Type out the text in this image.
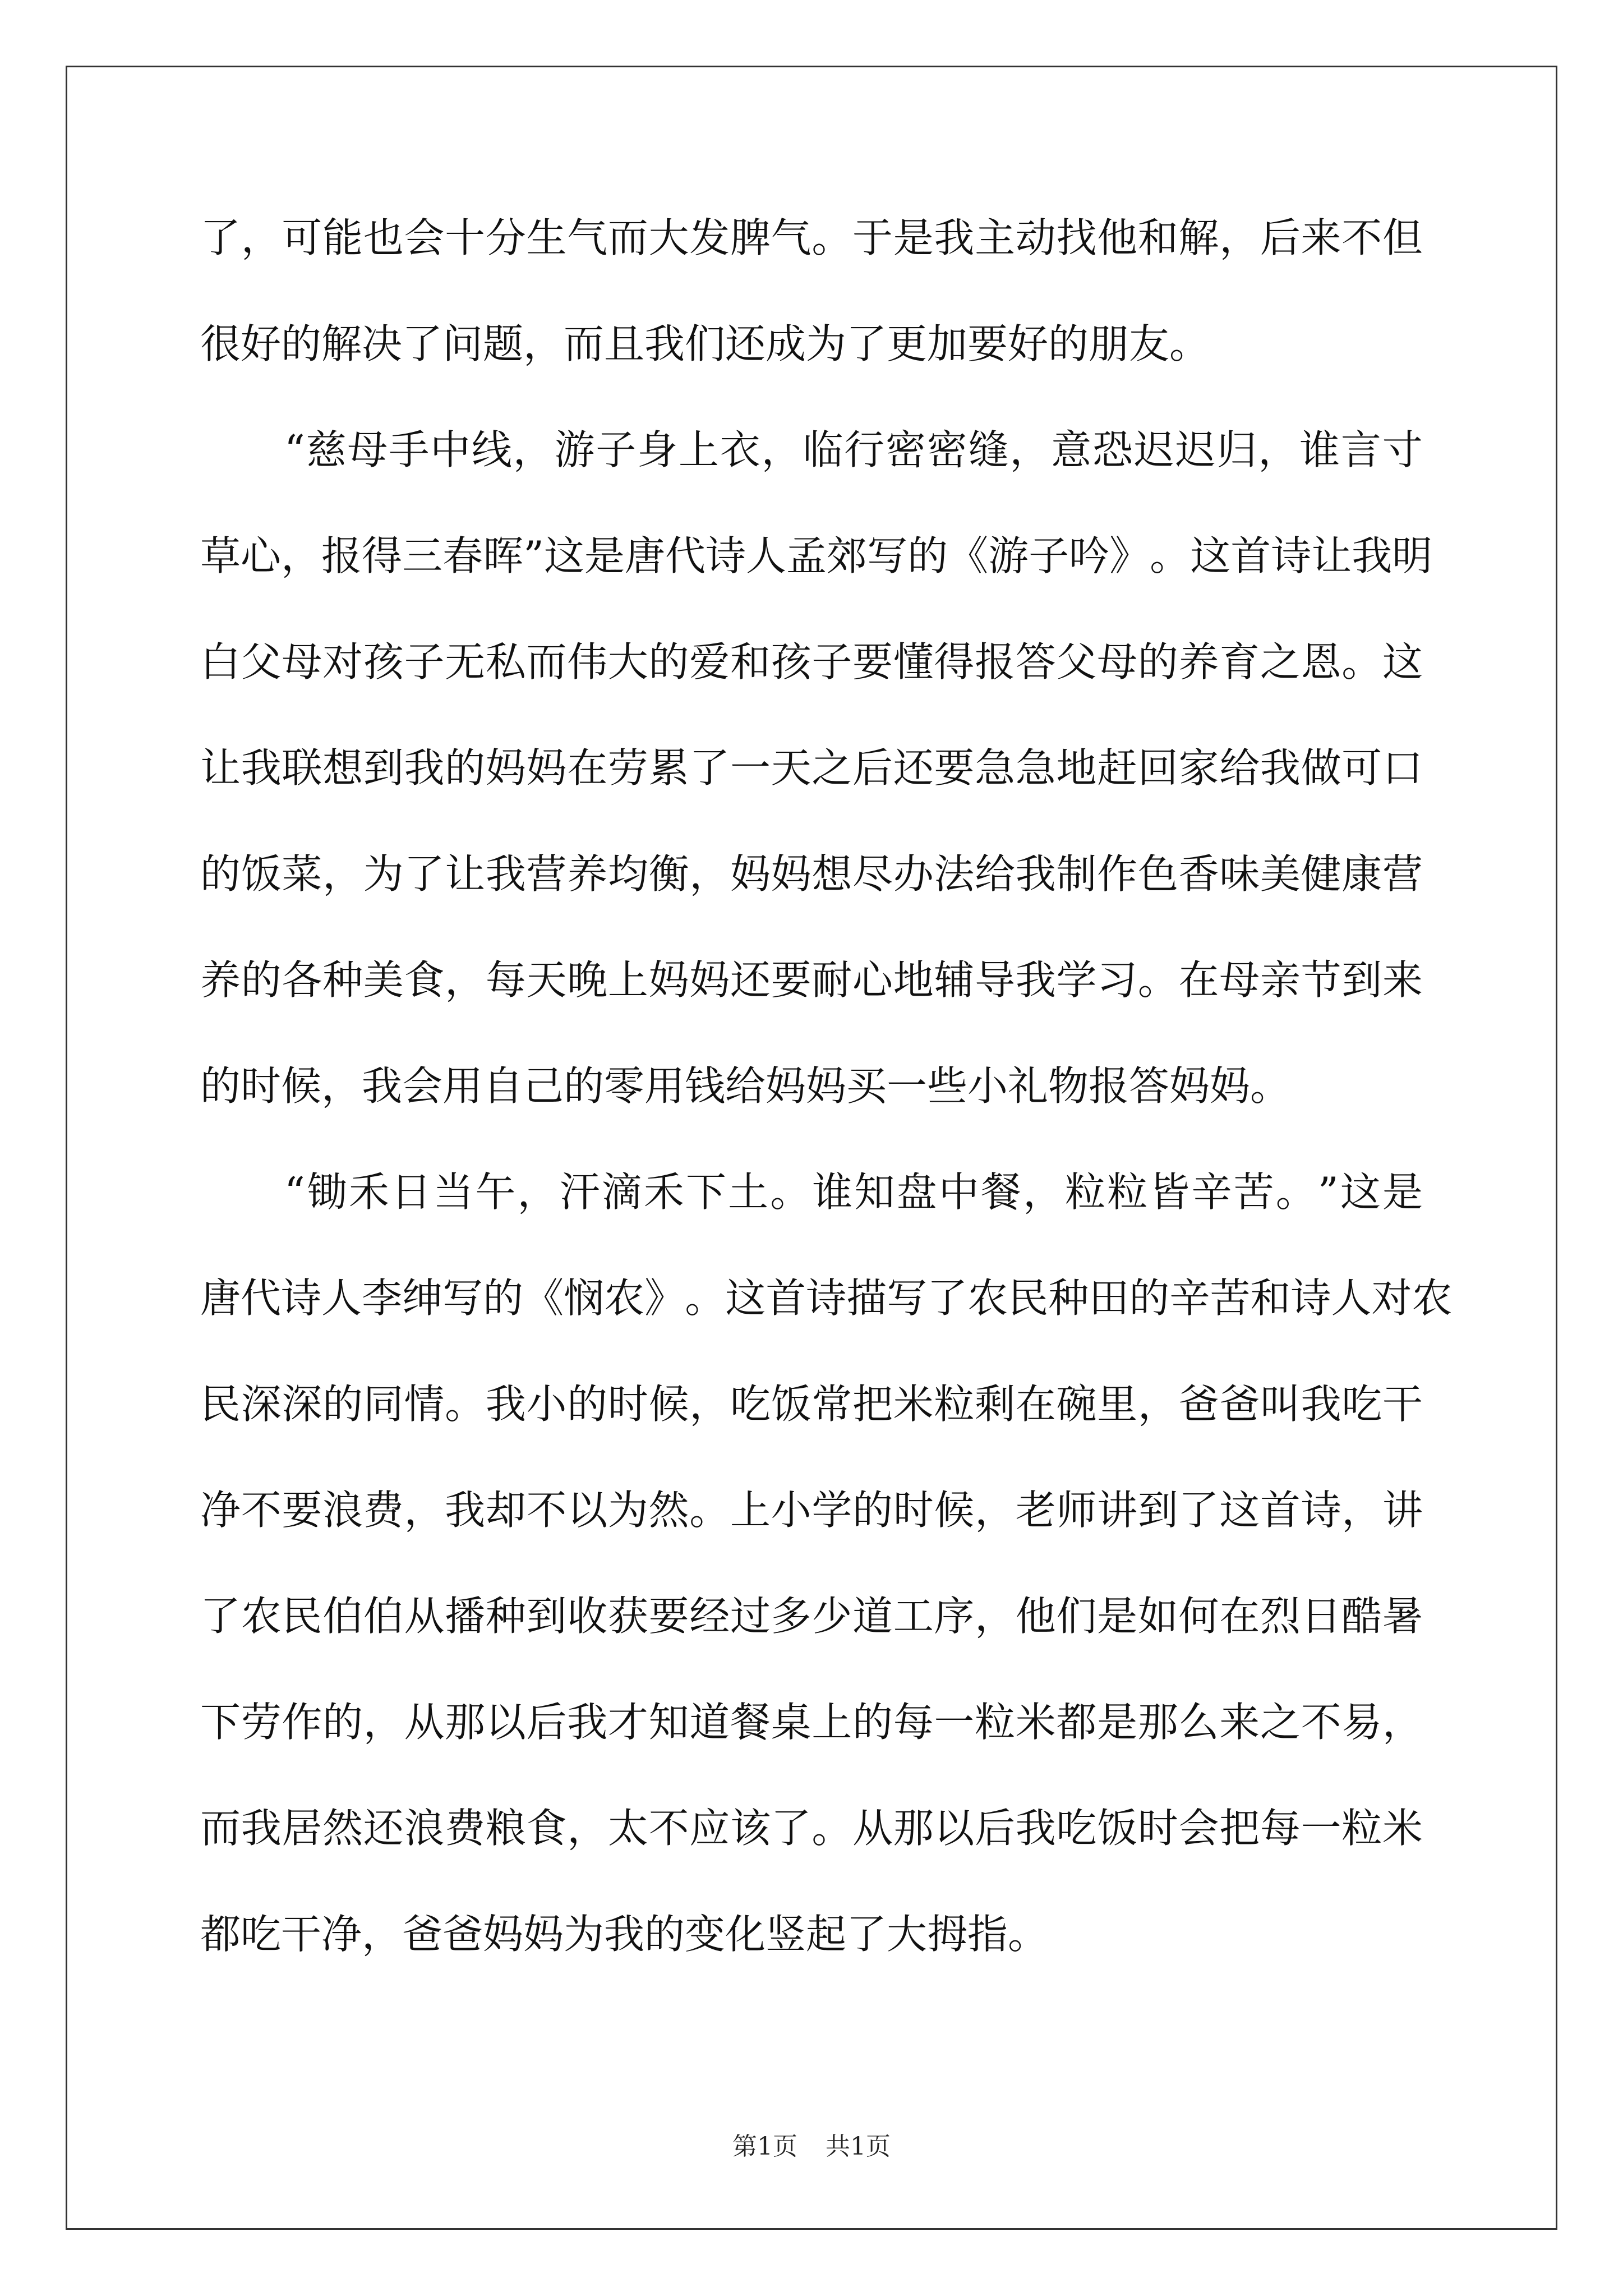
了 ， 可 能 也 会 十 分 生 气 而 大 发 脾 气 。 于 是 我 主 动 找 他 和 解 ， 后 来 不 但
很好的解决了问题，而且我们还成为了更加要好的朋友。
“ 慈 母 手 中 线 ， 游 子 身 上 衣 ， 临 行 密 密 缝 ， 意 恐 迟 迟 归 ， 谁 言 寸
草 心 ， 报 得 三 春 晖 ” 这 是 唐 代 诗 人 孟 郊 写 的 《 游 子 吟 》 。 这 首 诗 让 我 明
白 父 母 对 孩 子 无 私 而 伟 大 的 爱 和 孩 子 要 懂 得 报 答 父 母 的 养 育 之 恩 。 这
让 我 联 想 到 我 的 妈 妈 在 劳 累 了 一 天 之 后 还 要 急 急 地 赶 回 家 给 我 做 可 口
的 饭 菜 ， 为 了 让 我 营 养 均 衡 ， 妈 妈 想 尽 办 法 给 我 制 作 色 香 味 美 健 康 营
养 的 各 种 美 食 ， 每 天 晚 上 妈 妈 还 要 耐 心 地 辅 导 我 学 习 。 在 母 亲 节 到 来
的时候，我会用自己的零用钱给妈妈买一些小礼物报答妈妈。
“ 锄 禾 日 当 午 ， 汗 滴 禾 下 土 。 谁 知 盘 中 餐 ， 粒 粒 皆 辛 苦 。 ” 这 是
唐 代 诗 人 李 绅 写 的 《 悯 农 》 。 这 首 诗 描 写 了 农 民 种 田 的 辛 苦 和 诗 人 对 农
民 深 深 的 同 情 。 我 小 的 时 候 ， 吃 饭 常 把 米 粒 剩 在 碗 里 ， 爸 爸 叫 我 吃 干
净 不 要 浪 费 ， 我 却 不 以 为 然 。 上 小 学 的 时 候 ， 老 师 讲 到 了 这 首 诗 ， 讲
了 农 民 伯 伯 从 播 种 到 收 获 要 经 过 多 少 道 工 序 ， 他 们 是 如 何 在 烈 日 酷 暑
下 劳 作 的 ， 从 那 以 后 我 才 知 道 餐 桌 上 的 每 一 粒 米 都 是 那 么 来 之 不 易 ，
而 我 居 然 还 浪 费 粮 食 ， 太 不 应 该 了 。 从 那 以 后 我 吃 饭 时 会 把 每 一 粒 米
都吃干净，爸爸妈妈为我的变化竖起了大拇指。
第1页 共1页
